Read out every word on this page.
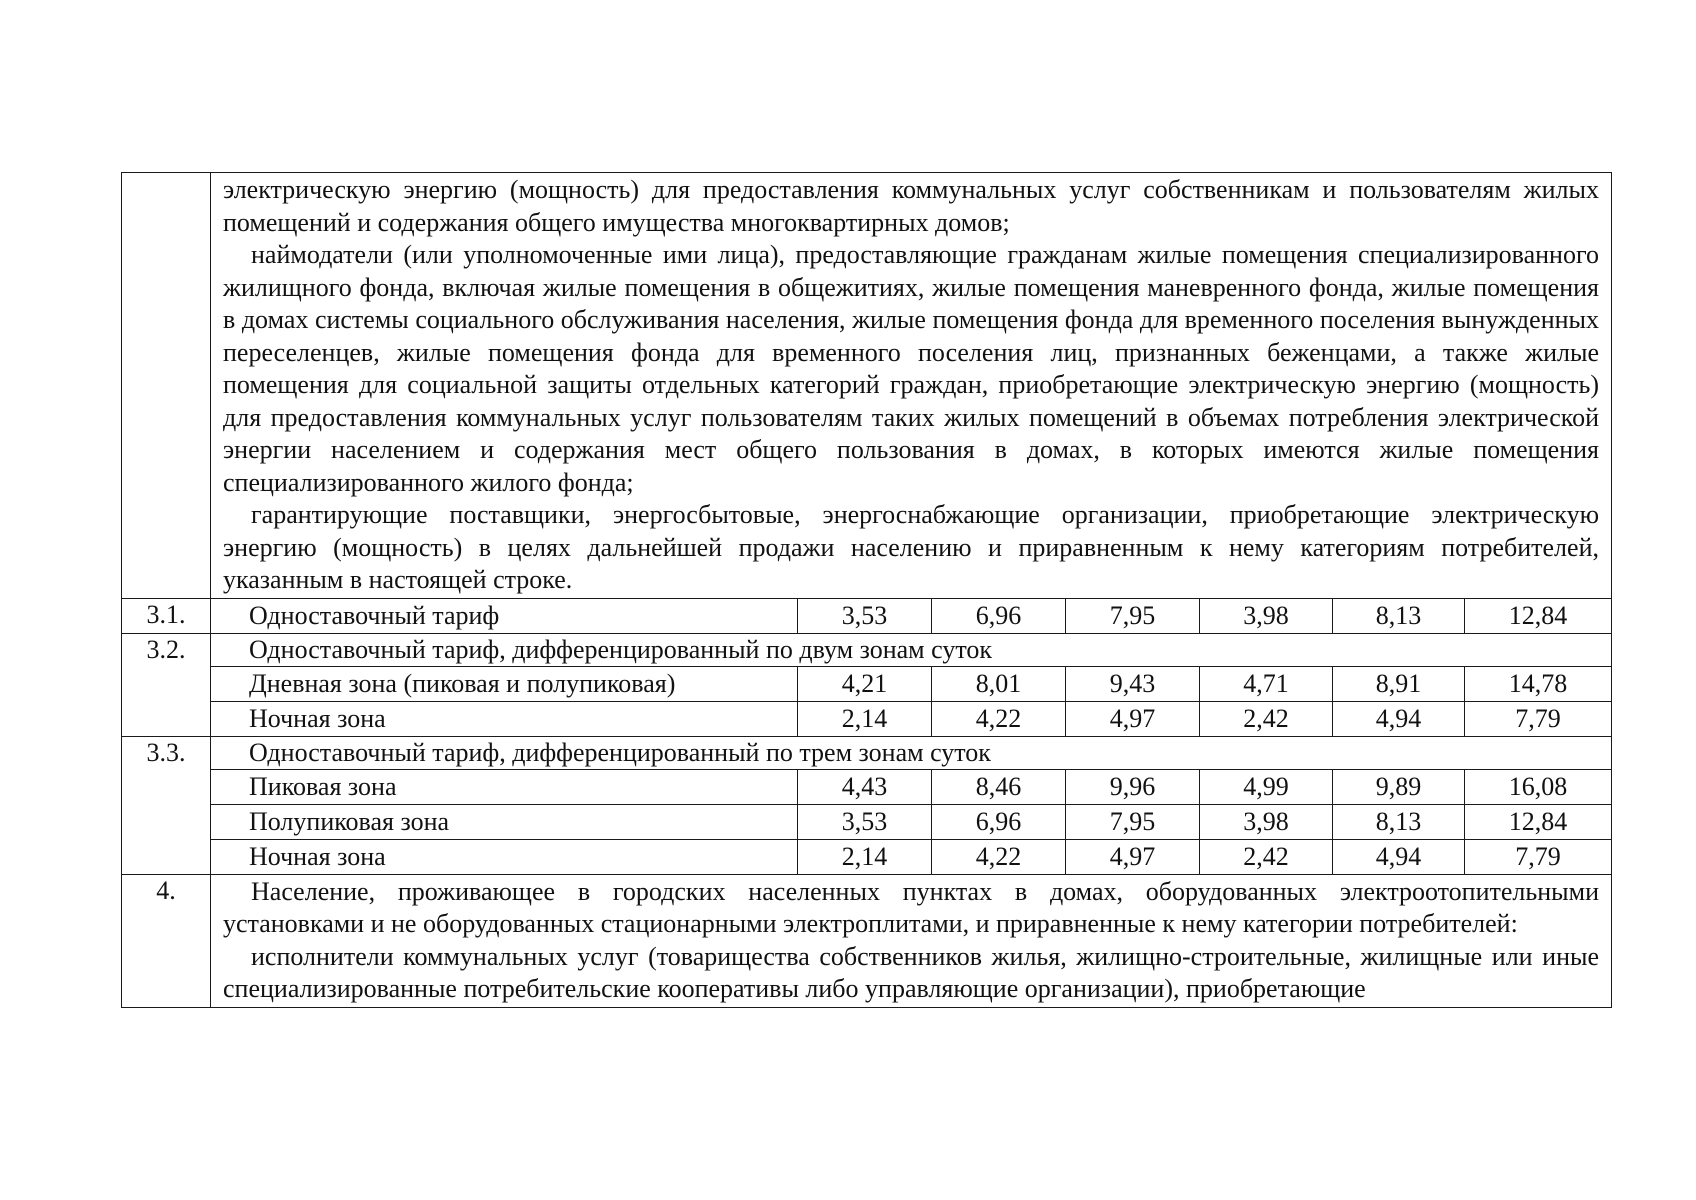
	электрическую энергию (мощность) для предоставления коммунальных услуг собственникам и пользователям жилых помещений и содержания общего имущества многоквартирных домов;
наймодатели (или уполномоченные ими лица), предоставляющие гражданам жилые помещения специализированного жилищного фонда, включая жилые помещения в общежитиях, жилые помещения маневренного фонда, жилые помещения в домах системы социального обслуживания населения, жилые помещения фонда для временного поселения вынужденных переселенцев, жилые помещения фонда для временного поселения лиц, признанных беженцами, а также жилые помещения для социальной защиты отдельных категорий граждан, приобретающие электрическую энергию (мощность) для предоставления коммунальных услуг пользователям таких жилых помещений в объемах потребления электрической энергии населением и содержания мест общего пользования в домах, в которых имеются жилые помещения специализированного жилого фонда;
гарантирующие поставщики, энергосбытовые, энергоснабжающие организации, приобретающие электрическую энергию (мощность) в целях дальнейшей продажи населению и приравненным к нему категориям потребителей, указанным в настоящей строке.						

3.1.	Одноставочный тариф	3,53	6,96	7,95	3,98	8,13	12,84
3.2.	Одноставочный тариф, дифференцированный по двум зонам суток						
	Дневная зона (пиковая и полупиковая)	4,21	8,01	9,43	4,71	8,91	14,78
	Ночная зона	2,14	4,22	4,97	2,42	4,94	7,79
3.3.	Одноставочный тариф, дифференцированный по трем зонам суток						
	Пиковая зона	4,43	8,46	9,96	4,99	9,89	16,08
	Полупиковая зона	3,53	6,96	7,95	3,98	8,13	12,84
	Ночная зона	2,14	4,22	4,97	2,42	4,94	7,79
4.	Население, проживающее в городских населенных пунктах в домах, оборудованных электроотопительными установками и не оборудованных стационарными электроплитами, и приравненные к нему категории потребителей:
исполнители коммунальных услуг (товарищества собственников жилья, жилищно-строительные, жилищные или иные специализированные потребительские кооперативы либо управляющие организации), приобретающие						
